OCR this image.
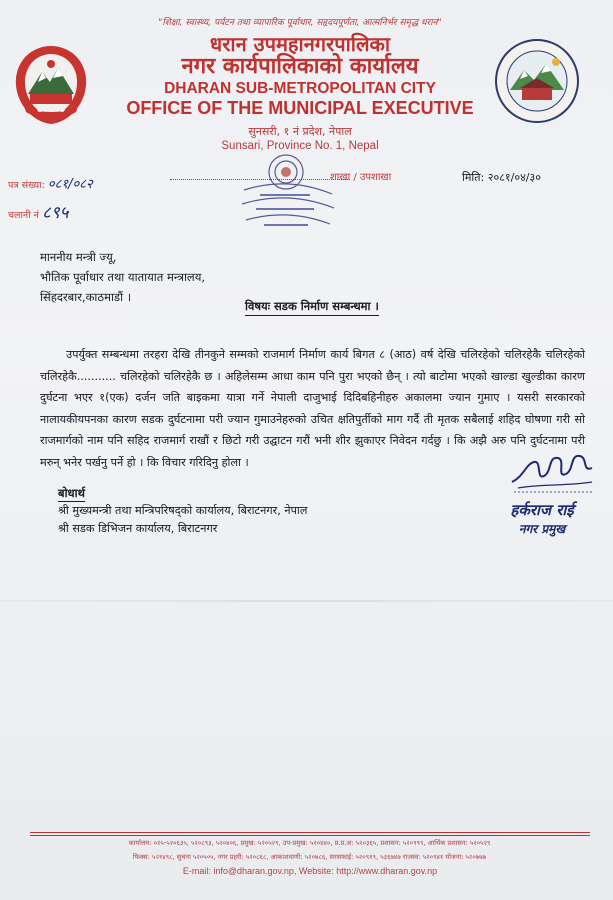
"शिक्षा, स्वास्थ्य, पर्यटन तथा व्यापारिक पूर्वाधार, सहृदयपूर्णता, आत्मनिर्भर समृद्ध धरान"
धरान उपमहानगरपालिका
नगर कार्यपालिकाको कार्यालय
DHARAN SUB-METROPOLITAN CITY
OFFICE OF THE MUNICIPAL EXECUTIVE
सुनसरी, १ नं प्रदेश, नेपाल
Sunsari, Province No. 1, Nepal
पत्र संख्या: ०८१/०८२
चलानी नं ८९५
शाखा / उपशाखा	मिति: २०८१/०४/३०
माननीय मन्त्री ज्यू,
भौतिक पूर्वाधार तथा यातायात मन्त्रालय,
सिंहदरबार,काठमाडौं ।
विषयः सडक निर्माण सम्बन्धमा ।
उपर्युक्त सम्बन्धमा तरहरा देखि तीनकुने सम्मको राजमार्ग निर्माण कार्य बिगत ८ (आठ) वर्ष देखि चलिरहेको चलिरहेकै चलिरहेको चलिरहेकै........... चलिरहेको चलिरहेकै छ । अहिलेसम्म आधा काम पनि पुरा भएको छैन् । त्यो बाटोमा भएको खाल्डा खुल्डीका कारण दुर्घटना भएर १(एक) दर्जन जति बाइकमा यात्रा गर्ने नेपाली दाजुभाई दिदिबहिनीहरु अकालमा ज्यान गुमाए । यसरी सरकारको नालायकीयपनका कारण सडक दुर्घटनामा परी ज्यान गुमाउनेहरुको उचित क्षतिपुर्तीको माग गर्दै ती मृतक सबैलाई शहिद घोषणा गरी सो राजमार्गको नाम पनि सहिद राजमार्ग राखौं र छिटो गरी उद्घाटन गरौं भनी शीर झुकाएर निवेदन गर्दछु । कि अझै अरु पनि दुर्घटनामा परी मरुन् भनेर पर्खनु पर्ने हो । कि विचार गरिदिनु होला ।
हर्कराज राई
नगर प्रमुख
बोधार्थ
श्री मुख्यमन्त्री तथा मन्त्रिपरिषद्को कार्यालय, बिराटनगर, नेपाल
श्री सडक डिभिजन कार्यालय, बिराटनगर
कार्यालय: ०२५-५२०६३५, ५२०८९३, ५२०४०६, प्रमुख: ५२०५२९, उप-प्रमुख: ५२०४४०, प्र.प्र.अ: ५२०३६५, प्रशासन: ५२०९९९, आर्थिक प्रशासन: ५२०५२९
फिक्स: ५२१४९८, सुचना ५२०५०५, नगर प्रहरी: ५२०८६८, आकाशवाणी: ५२०७८६, सरसफाई: ५२०९१९, ५३६७४७ राजस्व: ५२०९४१ योजना: ५२०७७७
E-mail: info@dharan.gov.np, Website: http://www.dharan.gov.np
